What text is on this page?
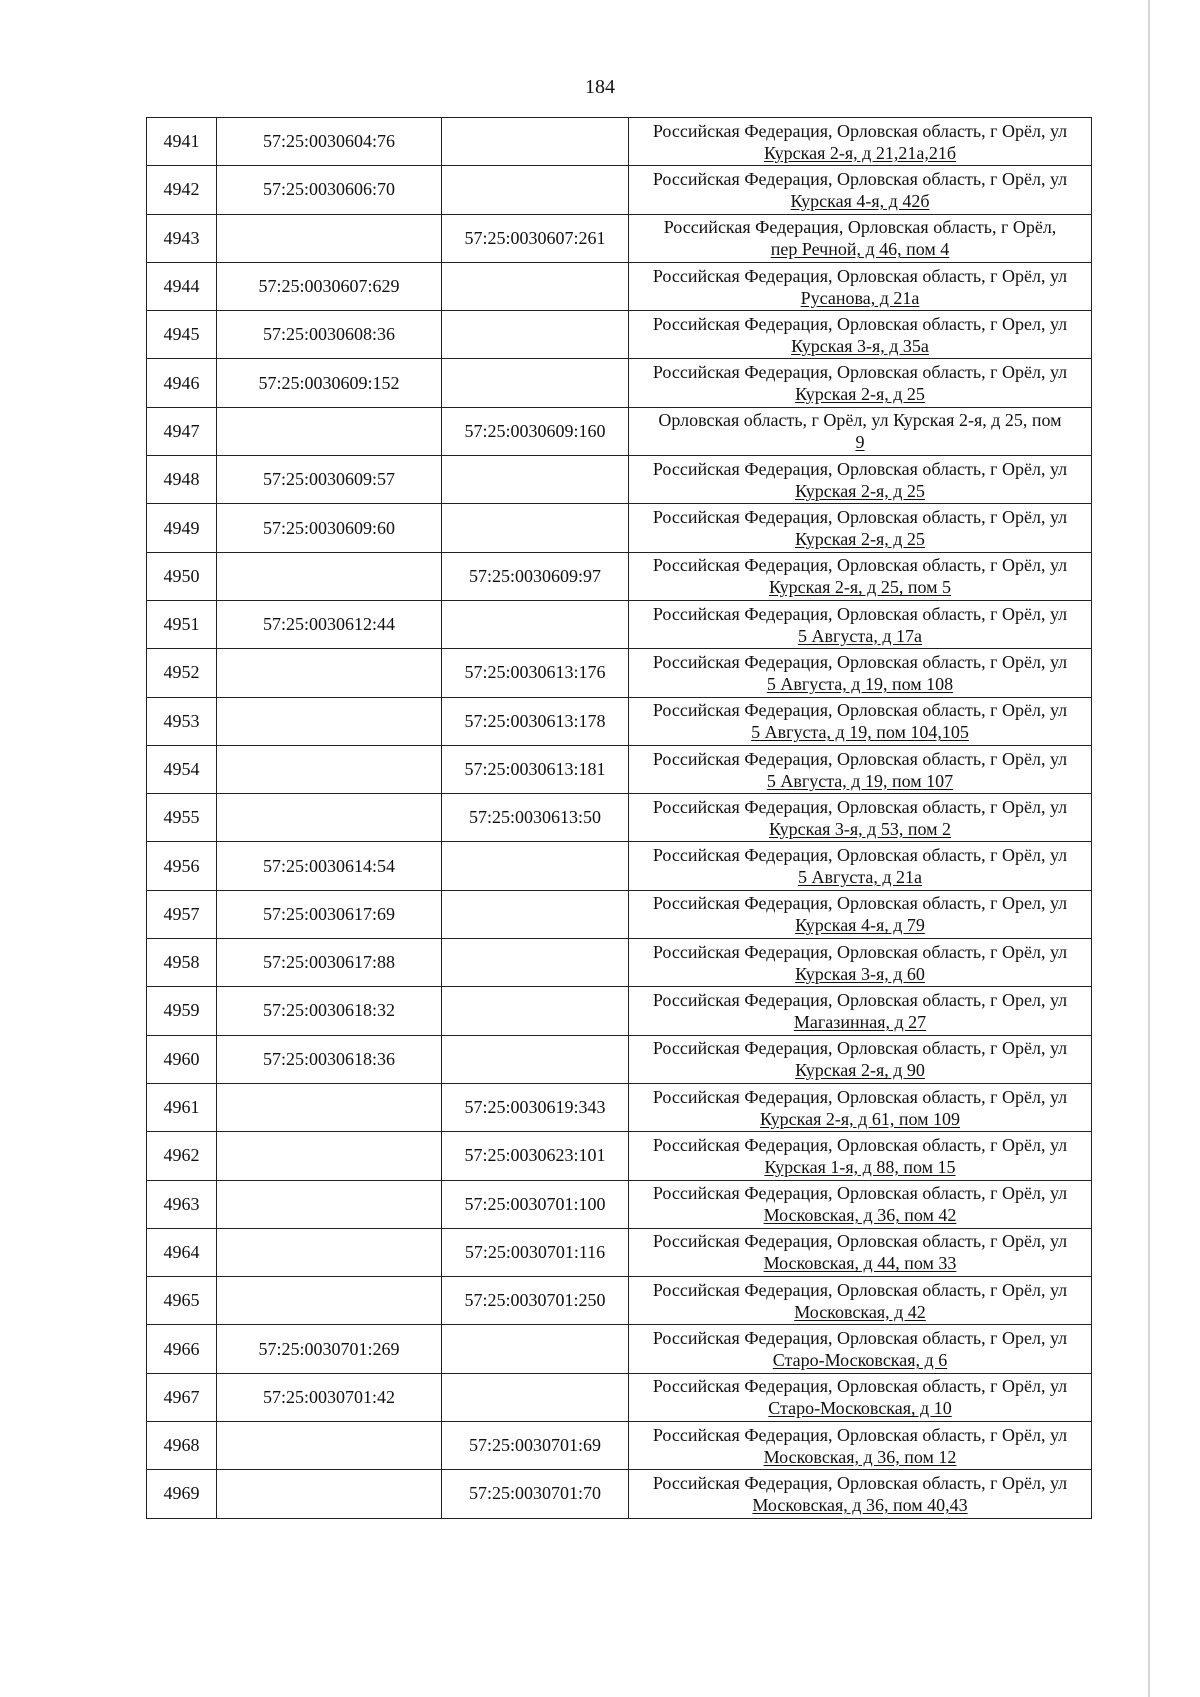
184
4941	57:25:0030604:76		Российская Федерация, Орловская область, г Орёл, ул
Курская 2-я, д 21,21а,21б

4942	57:25:0030606:70		Российская Федерация, Орловская область, г Орёл, ул
Курская 4-я, д 42б

4943		57:25:0030607:261	Российская Федерация, Орловская область, г Орёл,
пер Речной, д 46, пом 4

4944	57:25:0030607:629		Российская Федерация, Орловская область, г Орёл, ул
Русанова, д 21а

4945	57:25:0030608:36		Российская Федерация, Орловская область, г Орел, ул
Курская 3-я, д 35а

4946	57:25:0030609:152		Российская Федерация, Орловская область, г Орёл, ул
Курская 2-я, д 25

4947		57:25:0030609:160	Орловская область, г Орёл, ул Курская 2-я, д 25, пом
9

4948	57:25:0030609:57		Российская Федерация, Орловская область, г Орёл, ул
Курская 2-я, д 25

4949	57:25:0030609:60		Российская Федерация, Орловская область, г Орёл, ул
Курская 2-я, д 25

4950		57:25:0030609:97	Российская Федерация, Орловская область, г Орёл, ул
Курская 2-я, д 25, пом 5

4951	57:25:0030612:44		Российская Федерация, Орловская область, г Орёл, ул
5 Августа, д 17а

4952		57:25:0030613:176	Российская Федерация, Орловская область, г Орёл, ул
5 Августа, д 19, пом 108

4953		57:25:0030613:178	Российская Федерация, Орловская область, г Орёл, ул
5 Августа, д 19, пом 104,105

4954		57:25:0030613:181	Российская Федерация, Орловская область, г Орёл, ул
5 Августа, д 19, пом 107

4955		57:25:0030613:50	Российская Федерация, Орловская область, г Орёл, ул
Курская 3-я, д 53, пом 2

4956	57:25:0030614:54		Российская Федерация, Орловская область, г Орёл, ул
5 Августа, д 21а

4957	57:25:0030617:69		Российская Федерация, Орловская область, г Орел, ул
Курская 4-я, д 79

4958	57:25:0030617:88		Российская Федерация, Орловская область, г Орёл, ул
Курская 3-я, д 60

4959	57:25:0030618:32		Российская Федерация, Орловская область, г Орел, ул
Магазинная, д 27

4960	57:25:0030618:36		Российская Федерация, Орловская область, г Орёл, ул
Курская 2-я, д 90

4961		57:25:0030619:343	Российская Федерация, Орловская область, г Орёл, ул
Курская 2-я, д 61, пом 109

4962		57:25:0030623:101	Российская Федерация, Орловская область, г Орёл, ул
Курская 1-я, д 88, пом 15

4963		57:25:0030701:100	Российская Федерация, Орловская область, г Орёл, ул
Московская, д 36, пом 42

4964		57:25:0030701:116	Российская Федерация, Орловская область, г Орёл, ул
Московская, д 44, пом 33

4965		57:25:0030701:250	Российская Федерация, Орловская область, г Орёл, ул
Московская, д 42

4966	57:25:0030701:269		Российская Федерация, Орловская область, г Орел, ул
Старо-Московская, д 6

4967	57:25:0030701:42		Российская Федерация, Орловская область, г Орёл, ул
Старо-Московская, д 10

4968		57:25:0030701:69	Российская Федерация, Орловская область, г Орёл, ул
Московская, д 36, пом 12

4969		57:25:0030701:70	Российская Федерация, Орловская область, г Орёл, ул
Московская, д 36, пом 40,43
